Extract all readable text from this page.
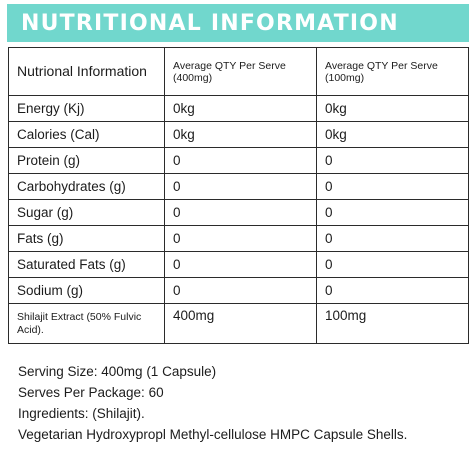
NUTRITIONAL INFORMATION
Nutrional Information	Average QTY Per Serve (400mg)	Average QTY Per Serve (100mg)
Energy (Kj)	0kg	0kg
Calories (Cal)	0kg	0kg
Protein (g)	0	0
Carbohydrates (g)	0	0
Sugar (g)	0	0
Fats (g)	0	0
Saturated Fats (g)	0	0
Sodium (g)	0	0
Shilajit Extract (50% Fulvic Acid).	400mg	100mg
Serving Size: 400mg (1 Capsule)
Serves Per Package: 60
Ingredients: (Shilajit).
Vegetarian Hydroxypropl Methyl-cellulose HMPC Capsule Shells.
